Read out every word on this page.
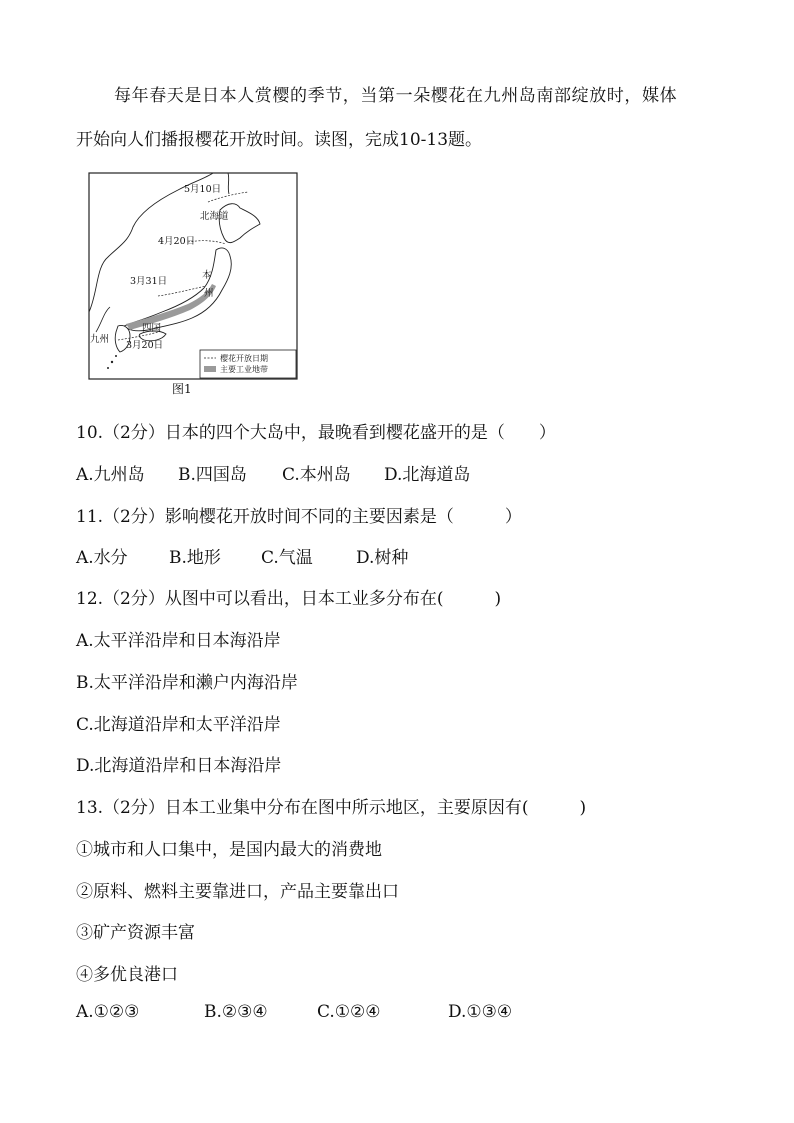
每年春天是日本人赏樱的季节，当第一朵樱花在九州岛南部绽放时，媒体
开始向人们播报樱花开放时间。读图，完成10-13题。
5月10日
北海道
4月20日
本
州
3月31日
四国
九州
3月20日
樱花开放日期
主要工业地带
图1
10.（2分）日本的四个大岛中，最晚看到樱花盛开的是（　　）
A.九州岛 B.四国岛 C.本州岛 D.北海道岛
11.（2分）影响樱花开放时间不同的主要因素是（　　　）
A.水分 B.地形 C.气温	D.树种
12.（2分）从图中可以看出，日本工业多分布在(　　　)
A.太平洋沿岸和日本海沿岸
B.太平洋沿岸和濑户内海沿岸
C.北海道沿岸和太平洋沿岸
D.北海道沿岸和日本海沿岸
13.（2分）日本工业集中分布在图中所示地区，主要原因有(　　　)
①城市和人口集中，是国内最大的消费地
②原料、燃料主要靠进口，产品主要靠出口
③矿产资源丰富
④多优良港口
A.①②③	B.②③④	C.①②④	D.①③④
